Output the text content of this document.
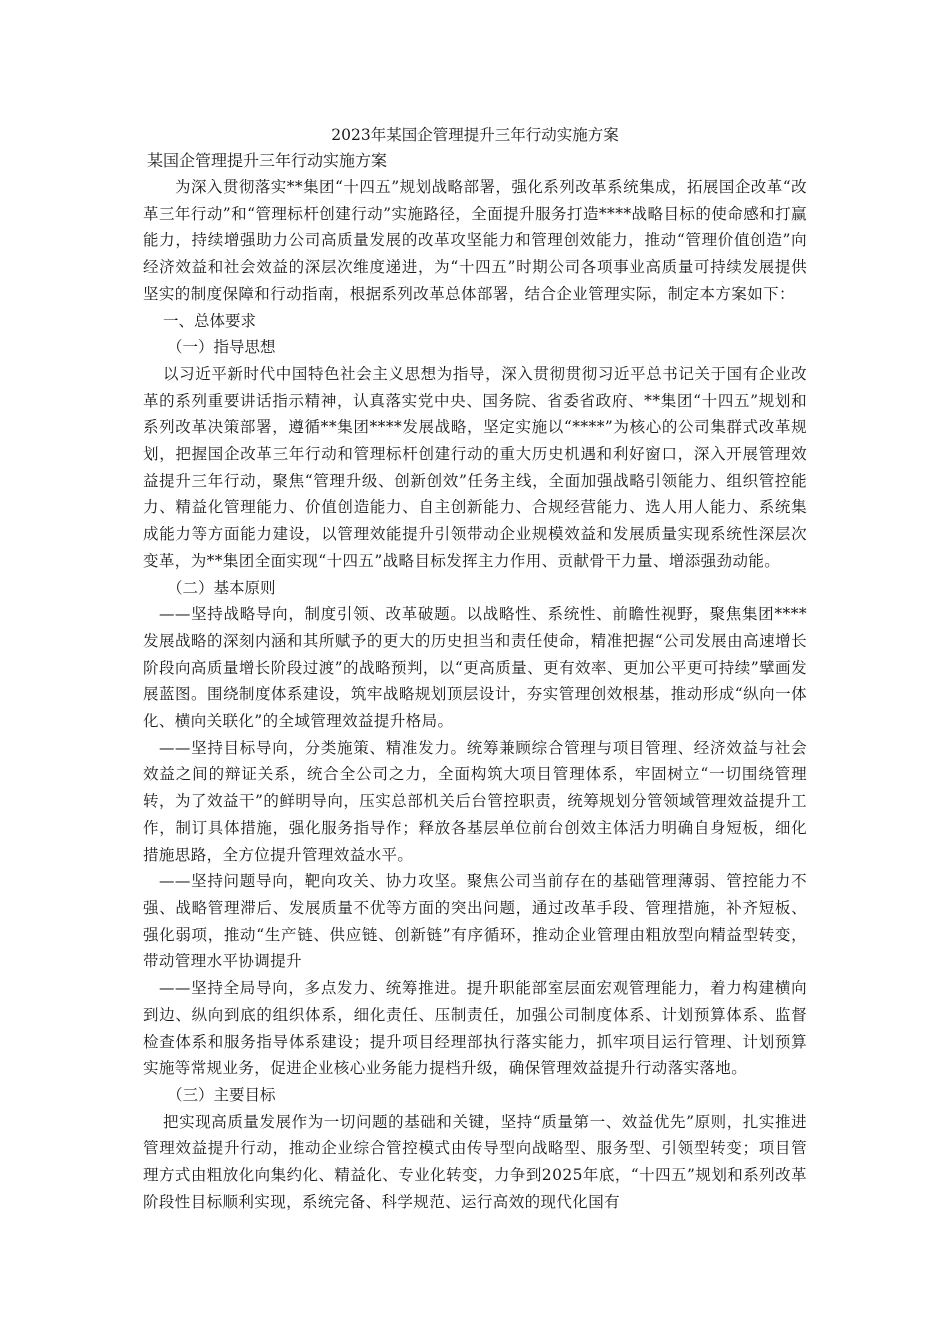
2023年某国企管理提升三年行动实施方案

某国企管理提升三年行动实施方案

为深入贯彻落实**集团“十四五”规划战略部署，强化系列改革系统集成，拓展国企改革“改革三年行动”和“管理标杆创建行动”实施路径，全面提升服务打造****战略目标的使命感和打赢能力，持续增强助力公司高质量发展的改革攻坚能力和管理创效能力，推动“管理价值创造”向经济效益和社会效益的深层次维度递进，为“十四五”时期公司各项事业高质量可持续发展提供坚实的制度保障和行动指南，根据系列改革总体部署，结合企业管理实际，制定本方案如下：

一、总体要求

（一）指导思想

以习近平新时代中国特色社会主义思想为指导，深入贯彻贯彻习近平总书记关于国有企业改革的系列重要讲话指示精神，认真落实党中央、国务院、省委省政府、**集团“十四五”规划和系列改革决策部署，遵循**集团****发展战略，坚定实施以“****”为核心的公司集群式改革规划，把握国企改革三年行动和管理标杆创建行动的重大历史机遇和利好窗口，深入开展管理效益提升三年行动，聚焦“管理升级、创新创效”任务主线，全面加强战略引领能力、组织管控能力、精益化管理能力、价值创造能力、自主创新能力、合规经营能力、选人用人能力、系统集成能力等方面能力建设，以管理效能提升引领带动企业规模效益和发展质量实现系统性深层次变革，为**集团全面实现“十四五”战略目标发挥主力作用、贡献骨干力量、增添强劲动能。

（二）基本原则

——坚持战略导向，制度引领、改革破题。以战略性、系统性、前瞻性视野，聚焦集团****发展战略的深刻内涵和其所赋予的更大的历史担当和责任使命，精准把握“公司发展由高速增长阶段向高质量增长阶段过渡”的战略预判，以“更高质量、更有效率、更加公平更可持续”擘画发展蓝图。围绕制度体系建设，筑牢战略规划顶层设计，夯实管理创效根基，推动形成“纵向一体化、横向关联化”的全域管理效益提升格局。

——坚持目标导向，分类施策、精准发力。统筹兼顾综合管理与项目管理、经济效益与社会效益之间的辩证关系，统合全公司之力，全面构筑大项目管理体系，牢固树立“一切围绕管理转，为了效益干”的鲜明导向，压实总部机关后台管控职责，统筹规划分管领域管理效益提升工作，制订具体措施，强化服务指导作；释放各基层单位前台创效主体活力明确自身短板，细化措施思路，全方位提升管理效益水平。

——坚持问题导向，靶向攻关、协力攻坚。聚焦公司当前存在的基础管理薄弱、管控能力不强、战略管理滞后、发展质量不优等方面的突出问题，通过改革手段、管理措施，补齐短板、强化弱项，推动“生产链、供应链、创新链”有序循环，推动企业管理由粗放型向精益型转变，带动管理水平协调提升

——坚持全局导向，多点发力、统筹推进。提升职能部室层面宏观管理能力，着力构建横向到边、纵向到底的组织体系，细化责任、压制责任，加强公司制度体系、计划预算体系、监督检查体系和服务指导体系建设；提升项目经理部执行落实能力，抓牢项目运行管理、计划预算实施等常规业务，促进企业核心业务能力提档升级，确保管理效益提升行动落实落地。

（三）主要目标

把实现高质量发展作为一切问题的基础和关键，坚持“质量第一、效益优先”原则，扎实推进管理效益提升行动，推动企业综合管控模式由传导型向战略型、服务型、引领型转变；项目管理方式由粗放化向集约化、精益化、专业化转变，力争到2025年底，“十四五”规划和系列改革阶段性目标顺利实现，系统完备、科学规范、运行高效的现代化国有
